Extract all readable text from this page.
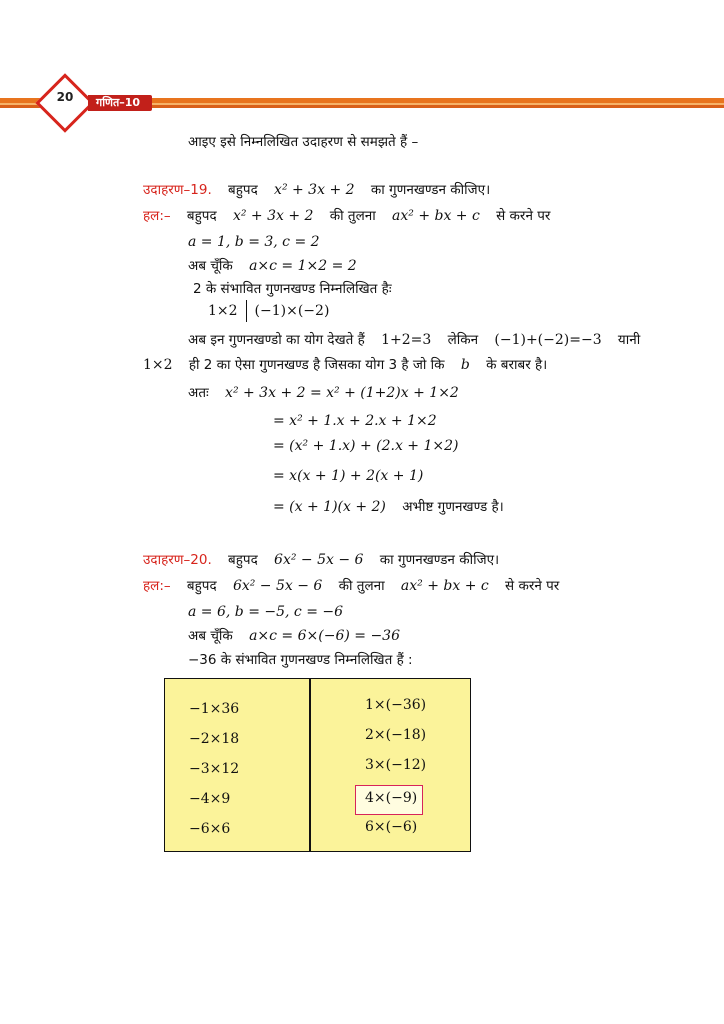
20	गणित–10
आइए इसे निम्नलिखित उदाहरण से समझते हैं –
उदाहरण–19. बहुपद x² + 3x + 2 का गुणनखण्डन कीजिए।
हल:– बहुपद x² + 3x + 2 की तुलना ax² + bx + c से करने पर
a = 1, b = 3, c = 2
अब चूँकि a×c = 1×2 = 2
2 के संभावित गुणनखण्ड निम्नलिखित हैः
1×2 (−1)×(−2)
अब इन गुणनखण्डो का योग देखते हैं 1+2=3 लेकिन (−1)+(−2)=−3 यानी
1×2 ही 2 का ऐसा गुणनखण्ड है जिसका योग 3 है जो कि b के बराबर है।
अतः x² + 3x + 2 = x² + (1+2)x + 1×2
= x² + 1.x + 2.x + 1×2
= (x² + 1.x) + (2.x + 1×2)
= x(x + 1) + 2(x + 1)
= (x + 1)(x + 2) अभीष्ट गुणनखण्ड है।
उदाहरण–20. बहुपद 6x² − 5x − 6 का गुणनखण्डन कीजिए।
हल:– बहुपद 6x² − 5x − 6 की तुलना ax² + bx + c से करने पर
a = 6, b = −5, c = −6
अब चूँकि a×c = 6×(−6) = −36
−36 के संभावित गुणनखण्ड निम्नलिखित हैं :
−1×36
−2×18
−3×12
−4×9
−6×6
1×(−36)
2×(−18)
3×(−12)
4×(−9)
6×(−6)
